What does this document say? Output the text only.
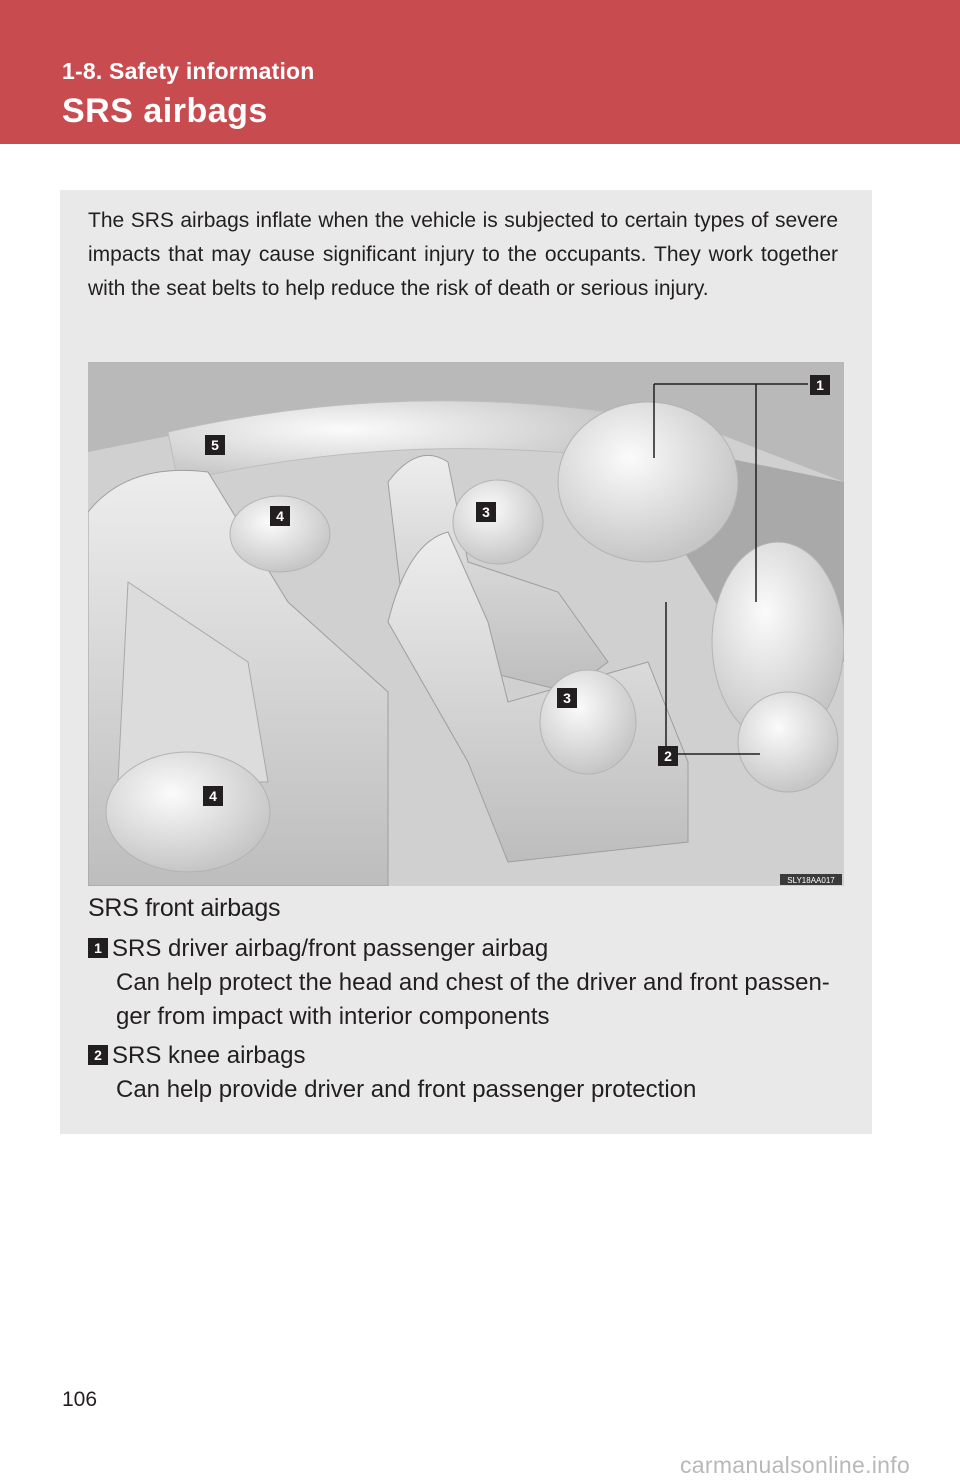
1-8. Safety information
SRS airbags

The SRS airbags inflate when the vehicle is subjected to certain types of severe impacts that may cause significant injury to the occupants. They work together with the seat belts to help reduce the risk of death or serious injury.

1
2
3
3
4
4
5
SLY18AA017
SRS front airbags
1 SRS driver airbag/front passenger airbag
Can help protect the head and chest of the driver and front passen-ger from impact with interior components
2 SRS knee airbags
Can help provide driver and front passenger protection
106
carmanualsonline.info
